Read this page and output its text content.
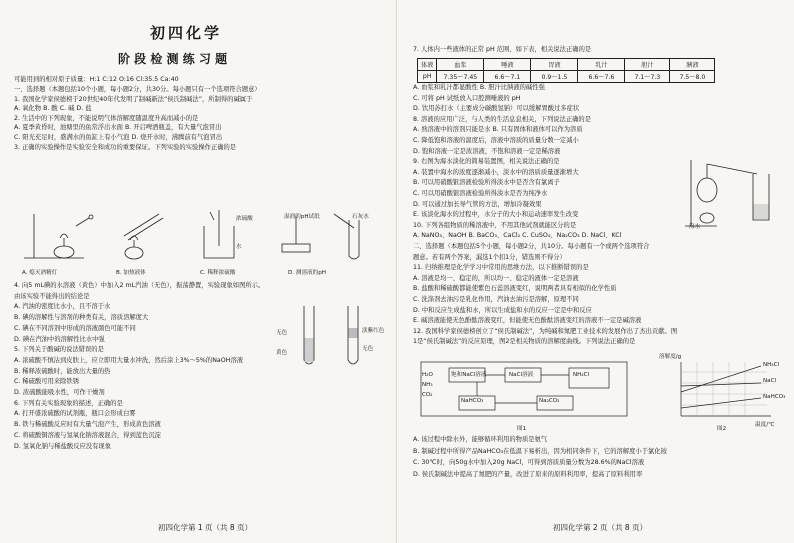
初四化学
阶 段 检 测 练 习 题
可能用到的相对原子质量：H:1 C:12 O:16 Cl:35.5 Ca:40
一、选择题（本题包括10个小题，每小题2分，共30分。每小题只有一个选项符合题意）
1. 我国化学家侯德榜于20世纪40年代发明了制碱新法“侯氏制碱法”，所制得的碱属于
A. 氧化物 B. 酸 C. 碱 D. 盐
2. 生活中的下列现象，不能说明气体溶解度随温度升高而减小的是
A. 夏季黄昏时，池塘里的鱼常浮出水面 B. 开启啤酒瓶盖，有大量气泡冒出
C. 阳光充足时，盛满水的鱼缸上有小气泡 D. 烧开水时，沸腾前有气泡冒出
3. 正确的实验操作是实验安全和成功的重要保证。下列实验的实验操作正确的是
4. 向5 mL碘的水溶液（黄色）中加入2 mL汽油（无色），振荡静置，实验现象如图所示。
由该实验不能得出的结论是
A. 汽油的密度比水小，且不溶于水
B. 碘的溶解性与溶剂的种类有关，溶质溶解度大
C. 碘在不同溶剂中形成的溶液颜色可能不同
D. 碘在汽油中的溶解性比水中强
5. 下列关于酸碱的说法错误的是
A. 浓硫酸不慎沾到皮肤上，应立即用大量水冲洗，然后涂上3%～5%的NaOH溶液
B. 稀释浓硫酸时，能放出大量的热
C. 稀硫酸可用来除铁锈
D. 浓硫酸能吸水性，可作干燥剂
6. 下列有关实验现象的描述，正确的是
A. 打开盛浓硫酸的试剂瓶，瓶口会形成白雾
B. 铁与稀硫酸反应时有大量气泡产生，形成黄色溶液
C. 将硫酸铜溶液与氢氧化钠溶液混合，得到蓝色沉淀
D. 氢氧化钠与稀盐酸反应没有现象
A. 熄灭酒精灯	B. 加热液体	C. 稀释浓硫酸	D. 测溶液的pH
浓硫酸
水
湿润的pH试纸	石灰水
无色
黄色
淡紫红色
无色
初四化学第 1 页（共 8 页）
7. 人体内一些液体的正常 pH 范围，如下表，相关说法正确的是
体液	血浆	唾液	胃液	乳汁	胆汁	胰液
pH	7.35～7.45	6.6～7.1	0.9～1.5	6.6～7.6	7.1～7.3	7.5～8.0
A. 血浆和乳汁都显酸性 B. 胆汁比胰液的碱性强
C. 可将 pH 试纸放入口腔测唾液的 pH
D. 饮用苏打水（主要成分碳酸氢钠）可以缓解胃酸过多症状
8. 溶液的应用广泛，与人类的生活息息相关，下列说法正确的是
A. 熟溶液中的溶剂只能是水 B. 只有固体和液体可以作为溶质
C. 降低饱和溶液的温度后，溶液中溶质的质量分数一定减小
D. 饱和溶液一定是浓溶液，不饱和溶液一定是稀溶液
9. 右图为海水淡化的简易装置图，相关说法正确的是
A. 装置中海水的浓度逐渐减小，淡水中的溶质质量逐渐增大
B. 可以用硝酸银溶液检验所得淡水中是否含有氯离子
C. 可以用硝酸银溶液检验所得淡水是否为纯净水
D. 可以通过加长导气管的方法，增加冷凝效果
E. 该淡化海水的过程中，水分子的大小和运动速率发生改变
10. 下列各组物质的稀溶液中，不用其他试剂就能区分的是
A. NaNO₃、NaOH B. BaCO₃、CaCl₂ C. CuSO₄、Na₂CO₃ D. NaCl、KCl
二、选择题（本题包括5个小题，每小题2分，共10分。每小题有一个或两个选项符合
题意。若有两个答案，漏选1个扣1分，错选则不得分）
11. 归纳推理是化学学习中常用的思维方法，以下推断错误的是
A. 溶液是均一、稳定的，所以均一、稳定的液体一定是溶液
B. 盐酸和稀硫酸都能使紫色石蕊溶液变红，说明两者具有相似的化学性质
C. 洗涤剂去油污是乳化作用，汽油去油污是溶解，原理不同
D. 中和反应生成盐和水，所以生成盐和水的反应一定是中和反应
E. 碱溶液能使无色酚酞溶液变红，但能使无色酚酞溶液变红的溶液不一定是碱溶液
12. 我国科学家侯德榜创立了“侯氏制碱法”，为纯碱和氮肥工业技术的发展作出了杰出贡献。图
1是“侯氏制碱法”的反应原理，图2是相关物质的溶解度曲线。下列说法正确的是
海水
饱和NaCl溶液
H₂O
NH₃
CO₂
NH₄Cl
NaHCO₃
NaCl溶液
Na₂CO₃
图1
溶解度/g
温度/℃
NH₄Cl
NaCl
NaHCO₃
图2
A. 该过程中除水外，能够循环利用的物质是氨气
B. 制碱过程中所得产品NaHCO₃在低温下易析出，因为相同条件下，它的溶解度小于氯化铵
C. 30℃时，向50g水中加入20g NaCl，可得到溶质质量分数为28.6%的NaCl溶液
D. 侯氏制碱法中提高了氮肥的产量，改进了原来的原料利用率，提高了原料利用率
初四化学第 2 页（共 8 页）
